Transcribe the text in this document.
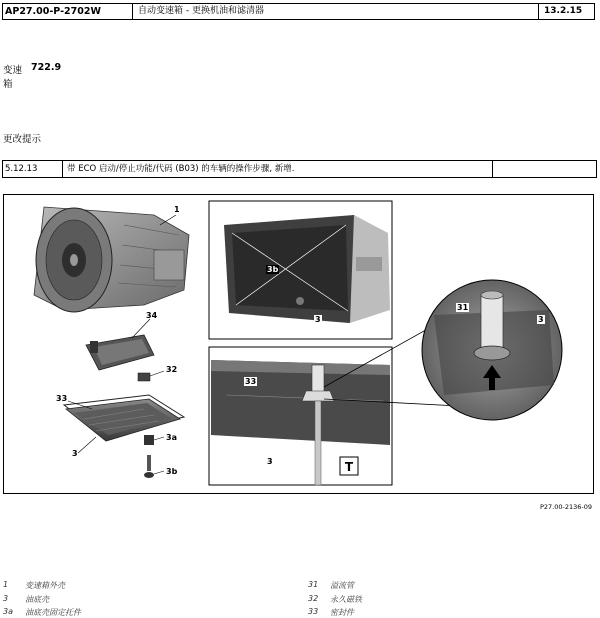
AP27.00-P-2702W	自动变速箱 - 更换机油和滤清器	13.2.15
变速
箱
722.9
更改提示
5.12.13	带 ECO 启动/停止功能/代码 (B03) 的车辆的操作步骤, 新增.
T
1
34
32
33
3
3a
3b
3b
33
3
31
3
3
P27.00-2136-09
1 变速箱外壳
3 油底壳
3a 油底壳固定托件
31 溢流管
32 永久磁铁
33 密封件
